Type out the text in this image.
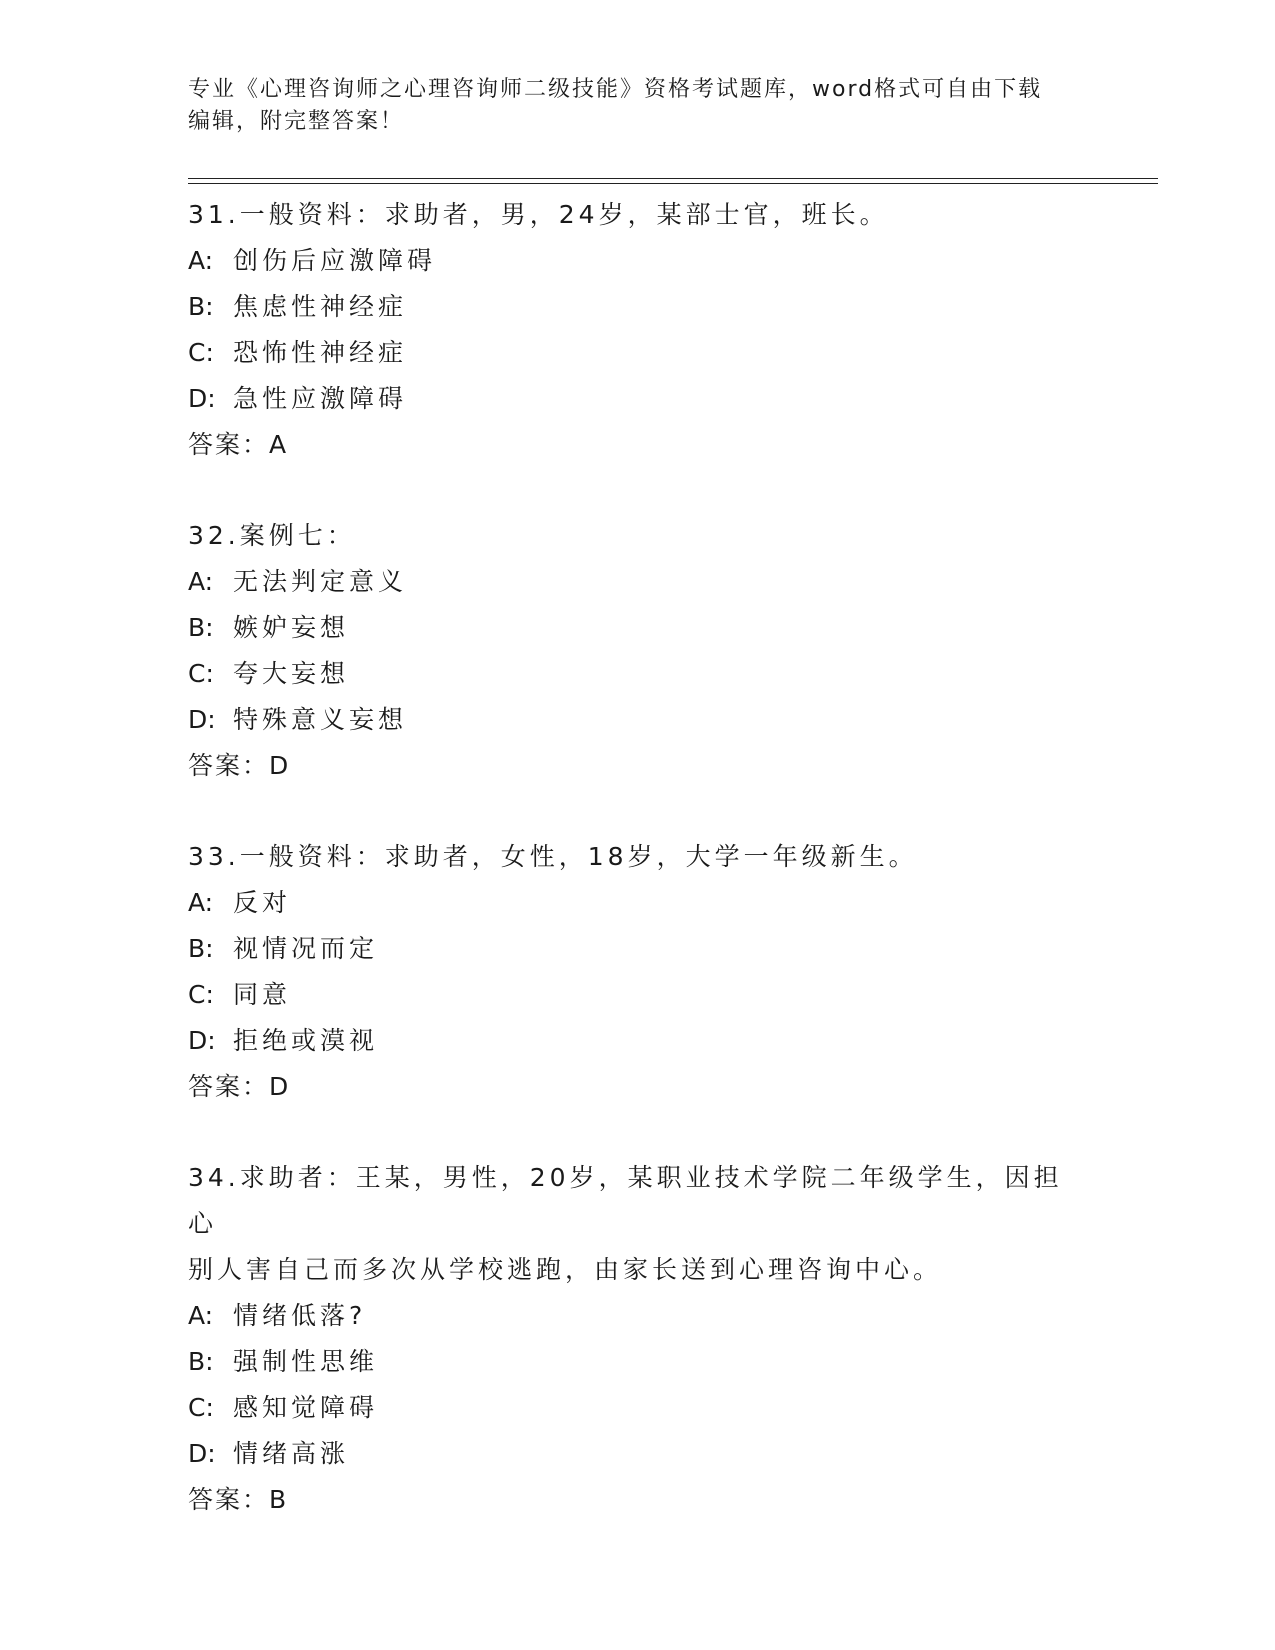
专业《心理咨询师之心理咨询师二级技能》资格考试题库，word格式可自由下载
编辑，附完整答案！
31.一般资料：求助者，男，24岁，某部士官，班长。
A: 创伤后应激障碍
B: 焦虑性神经症
C: 恐怖性神经症
D: 急性应激障碍
答案：A
32.案例七：
A: 无法判定意义
B: 嫉妒妄想
C: 夸大妄想
D: 特殊意义妄想
答案：D
33.一般资料：求助者，女性，18岁，大学一年级新生。
A: 反对
B: 视情况而定
C: 同意
D: 拒绝或漠视
答案：D
34.求助者：王某，男性，20岁，某职业技术学院二年级学生，因担心
别人害自己而多次从学校逃跑，由家长送到心理咨询中心。
A: 情绪低落?
B: 强制性思维
C: 感知觉障碍
D: 情绪高涨
答案：B
